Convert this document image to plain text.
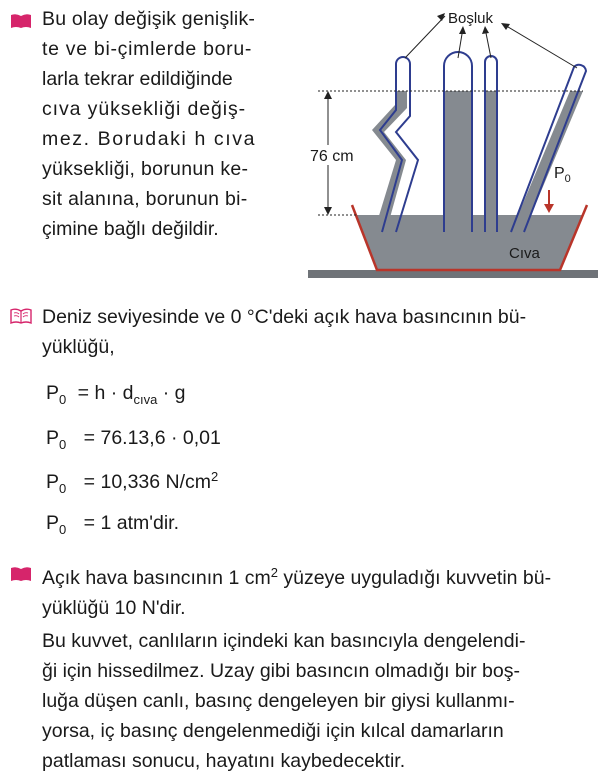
Bu olay değişik genişlik-
te ve bi-çimlerde boru-
larla tekrar edildiğinde
cıva yüksekliği değiş-
mez. Borudaki h cıva
yüksekliği, borunun ke-
sit alanına, borunun bi-
çimine bağlı değildir.
76 cm
Boşluk
$P_0$
Cıva
Deniz seviyesinde ve 0 °C'deki açık hava basıncının bü-
yüklüğü,
$P_0 = h \cdot d_{cıva} \cdot g$
$P_0 = 76.13,6 \cdot 0,01$
$P_0 = 10,336$ $N/cm^2$
$P_0 = 1$ atm'dir.
Açık hava basıncının 1 $cm^2$ yüzeye uyguladığı kuvvetin bü-
yüklüğü 10 N'dir.
Bu kuvvet, canlıların içindeki kan basıncıyla dengelendi-
ği için hissedilmez. Uzay gibi basıncın olmadığı bir boş-
luğa düşen canlı, basınç dengeleyen bir giysi kullanmı-
yorsa, iç basınç dengelenmediği için kılcal damarların
patlaması sonucu, hayatını kaybedecektir.
